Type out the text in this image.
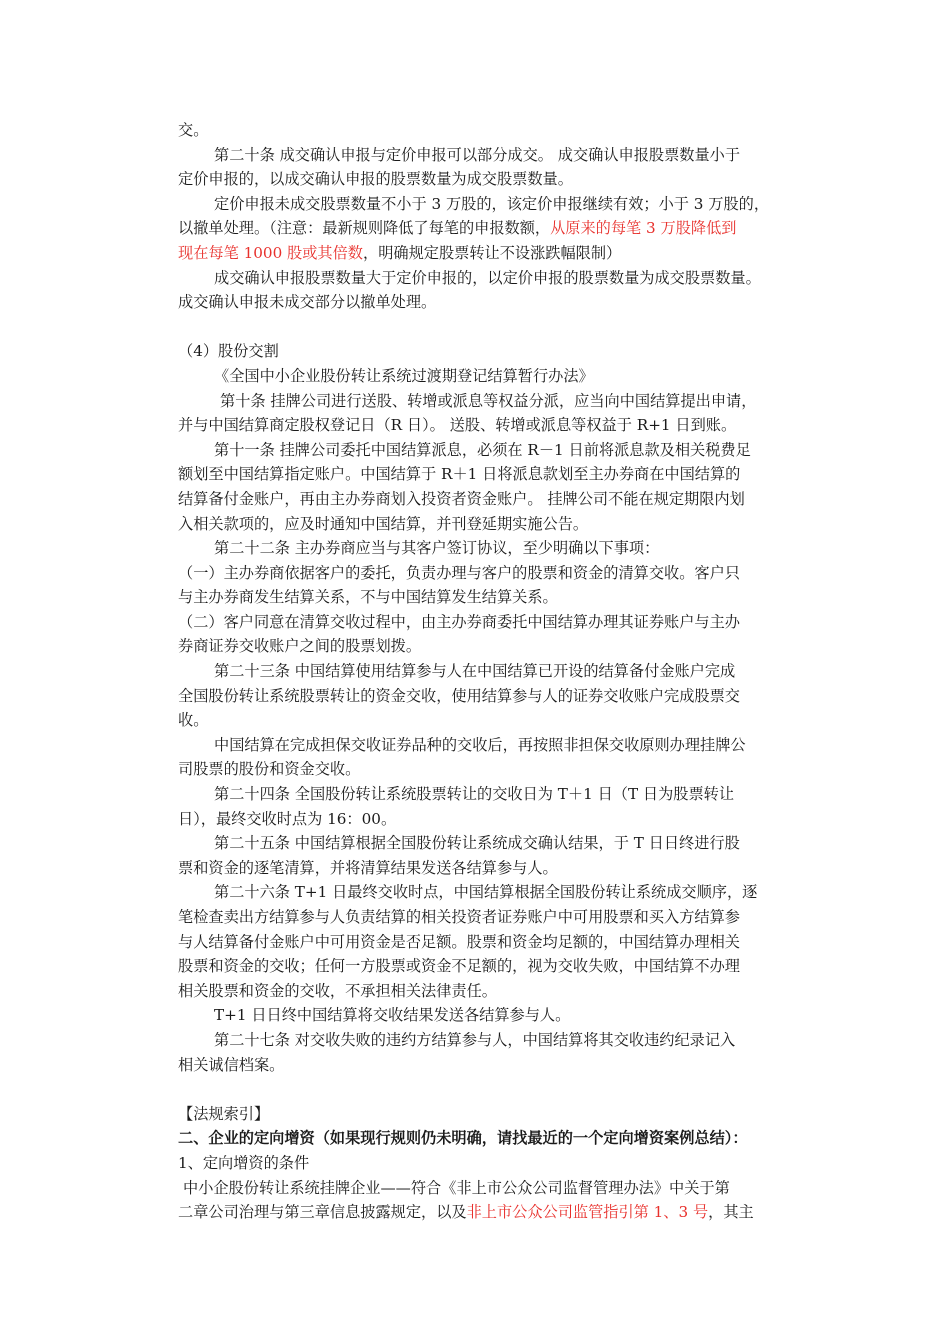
交。
第二十条 成交确认申报与定价申报可以部分成交。 成交确认申报股票数量小于
定价申报的，以成交确认申报的股票数量为成交股票数量。
定价申报未成交股票数量不小于 3 万股的，该定价申报继续有效；小于 3 万股的，
以撤单处理。（注意：最新规则降低了每笔的申报数额，从原来的每笔 3 万股降低到
现在每笔 1000 股或其倍数，明确规定股票转让不设涨跌幅限制）
成交确认申报股票数量大于定价申报的，以定价申报的股票数量为成交股票数量。
成交确认申报未成交部分以撤单处理。
（4）股份交割
《全国中小企业股份转让系统过渡期登记结算暂行办法》
第十条 挂牌公司进行送股、转增或派息等权益分派，应当向中国结算提出申请，
并与中国结算商定股权登记日（R 日）。 送股、转增或派息等权益于 R+1 日到账。
第十一条 挂牌公司委托中国结算派息，必须在 R－1 日前将派息款及相关税费足
额划至中国结算指定账户。中国结算于 R＋1 日将派息款划至主办券商在中国结算的
结算备付金账户，再由主办券商划入投资者资金账户。 挂牌公司不能在规定期限内划
入相关款项的，应及时通知中国结算，并刊登延期实施公告。
第二十二条 主办券商应当与其客户签订协议，至少明确以下事项：
（一）主办券商依据客户的委托，负责办理与客户的股票和资金的清算交收。客户只
与主办券商发生结算关系，不与中国结算发生结算关系。
（二）客户同意在清算交收过程中，由主办券商委托中国结算办理其证券账户与主办
券商证券交收账户之间的股票划拨。
第二十三条 中国结算使用结算参与人在中国结算已开设的结算备付金账户完成
全国股份转让系统股票转让的资金交收，使用结算参与人的证券交收账户完成股票交
收。
中国结算在完成担保交收证券品种的交收后，再按照非担保交收原则办理挂牌公
司股票的股份和资金交收。
第二十四条 全国股份转让系统股票转让的交收日为 T＋1 日（T 日为股票转让
日），最终交收时点为 16：00。
第二十五条 中国结算根据全国股份转让系统成交确认结果，于 T 日日终进行股
票和资金的逐笔清算，并将清算结果发送各结算参与人。
第二十六条 T+1 日最终交收时点，中国结算根据全国股份转让系统成交顺序，逐
笔检查卖出方结算参与人负责结算的相关投资者证券账户中可用股票和买入方结算参
与人结算备付金账户中可用资金是否足额。股票和资金均足额的，中国结算办理相关
股票和资金的交收；任何一方股票或资金不足额的，视为交收失败，中国结算不办理
相关股票和资金的交收，不承担相关法律责任。
T+1 日日终中国结算将交收结果发送各结算参与人。
第二十七条 对交收失败的违约方结算参与人，中国结算将其交收违约纪录记入
相关诚信档案。
【法规索引】
二、企业的定向增资（如果现行规则仍未明确，请找最近的一个定向增资案例总结）：
1、定向增资的条件
中小企股份转让系统挂牌企业——符合《非上市公众公司监督管理办法》中关于第
二章公司治理与第三章信息披露规定，以及非上市公众公司监管指引第 1、3 号，其主
